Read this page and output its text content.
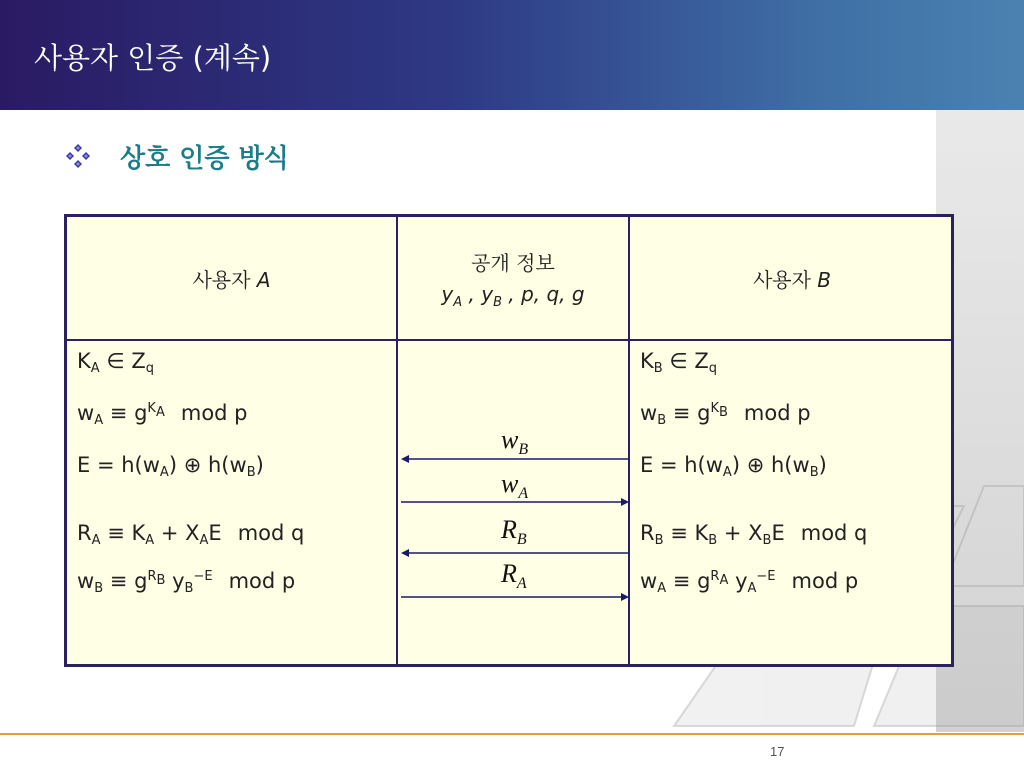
사용자 인증 (계속)
상호 인증 방식
사용자 A
공개 정보
$y_A$ , $y_B$ , p, q, g
사용자 B
$K_A$ ∈ $Z_q$
$w_A \equiv g^{K_A}$ mod p
$E = h(w_A)$ ⊕ $h(w_B)$
$R_A \equiv K_A + X_AE$ mod q
$w_B \equiv g^{R_B}$ $y_B^{-E}$ mod p
$K_B$ ∈ $Z_q$
$w_B \equiv g^{K_B}$ mod p
$E = h(w_A)$ ⊕ $h(w_B)$
$R_B \equiv K_B + X_BE$ mod q
$w_A \equiv g^{R_A}$ $y_A^{-E}$ mod p
$w_B$
$w_A$
$R_B$
$R_A$
17
